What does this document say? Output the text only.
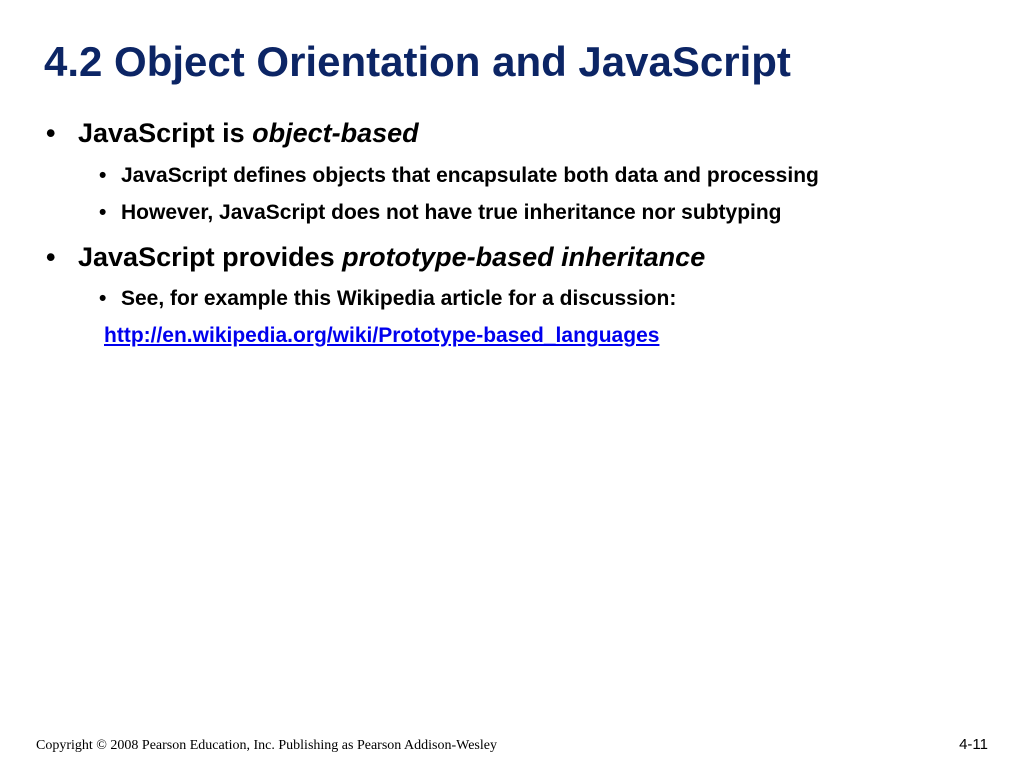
4.2 Object Orientation and JavaScript
• JavaScript is
object-based
• JavaScript defines objects that encapsulate both data and processing
• However, JavaScript does not have true inheritance nor subtyping
• JavaScript provides
prototype-based inheritance
• See, for example this Wikipedia article for a discussion:
http://en.wikipedia.org/wiki/Prototype-based_languages
Copyright © 2008 Pearson Education, Inc. Publishing as Pearson Addison-Wesley	4-11
